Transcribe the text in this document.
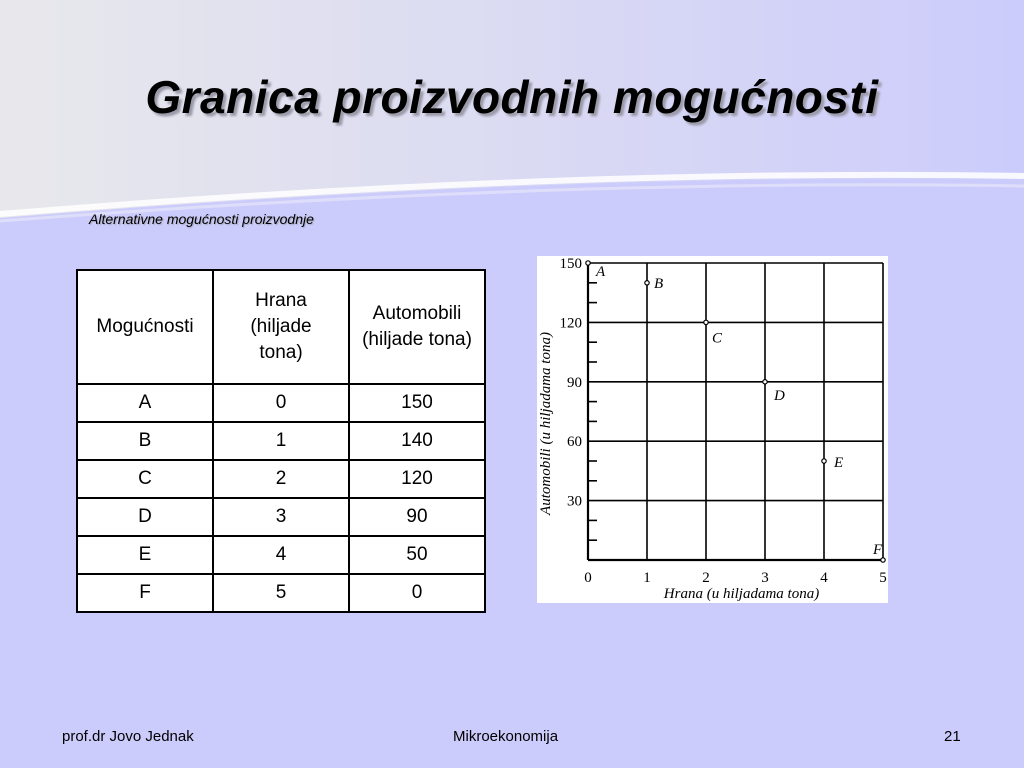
Granica proizvodnih mogućnosti
Alternativne mogućnosti proizvodnje
Mogućnosti	Hrana (hiljade tona)	Automobili (hiljade tona)

A	0	150
B	1	140
C	2	120
D	3	90
E	4	50
F	5	0
30
60
90
120
150
0	1	2	3	4	5
Hrana (u hiljadama tona)
Automobili (u hiljadama tona)
A
B
C
D
E
F
prof.dr Jovo Jednak	Mikroekonomija	21
